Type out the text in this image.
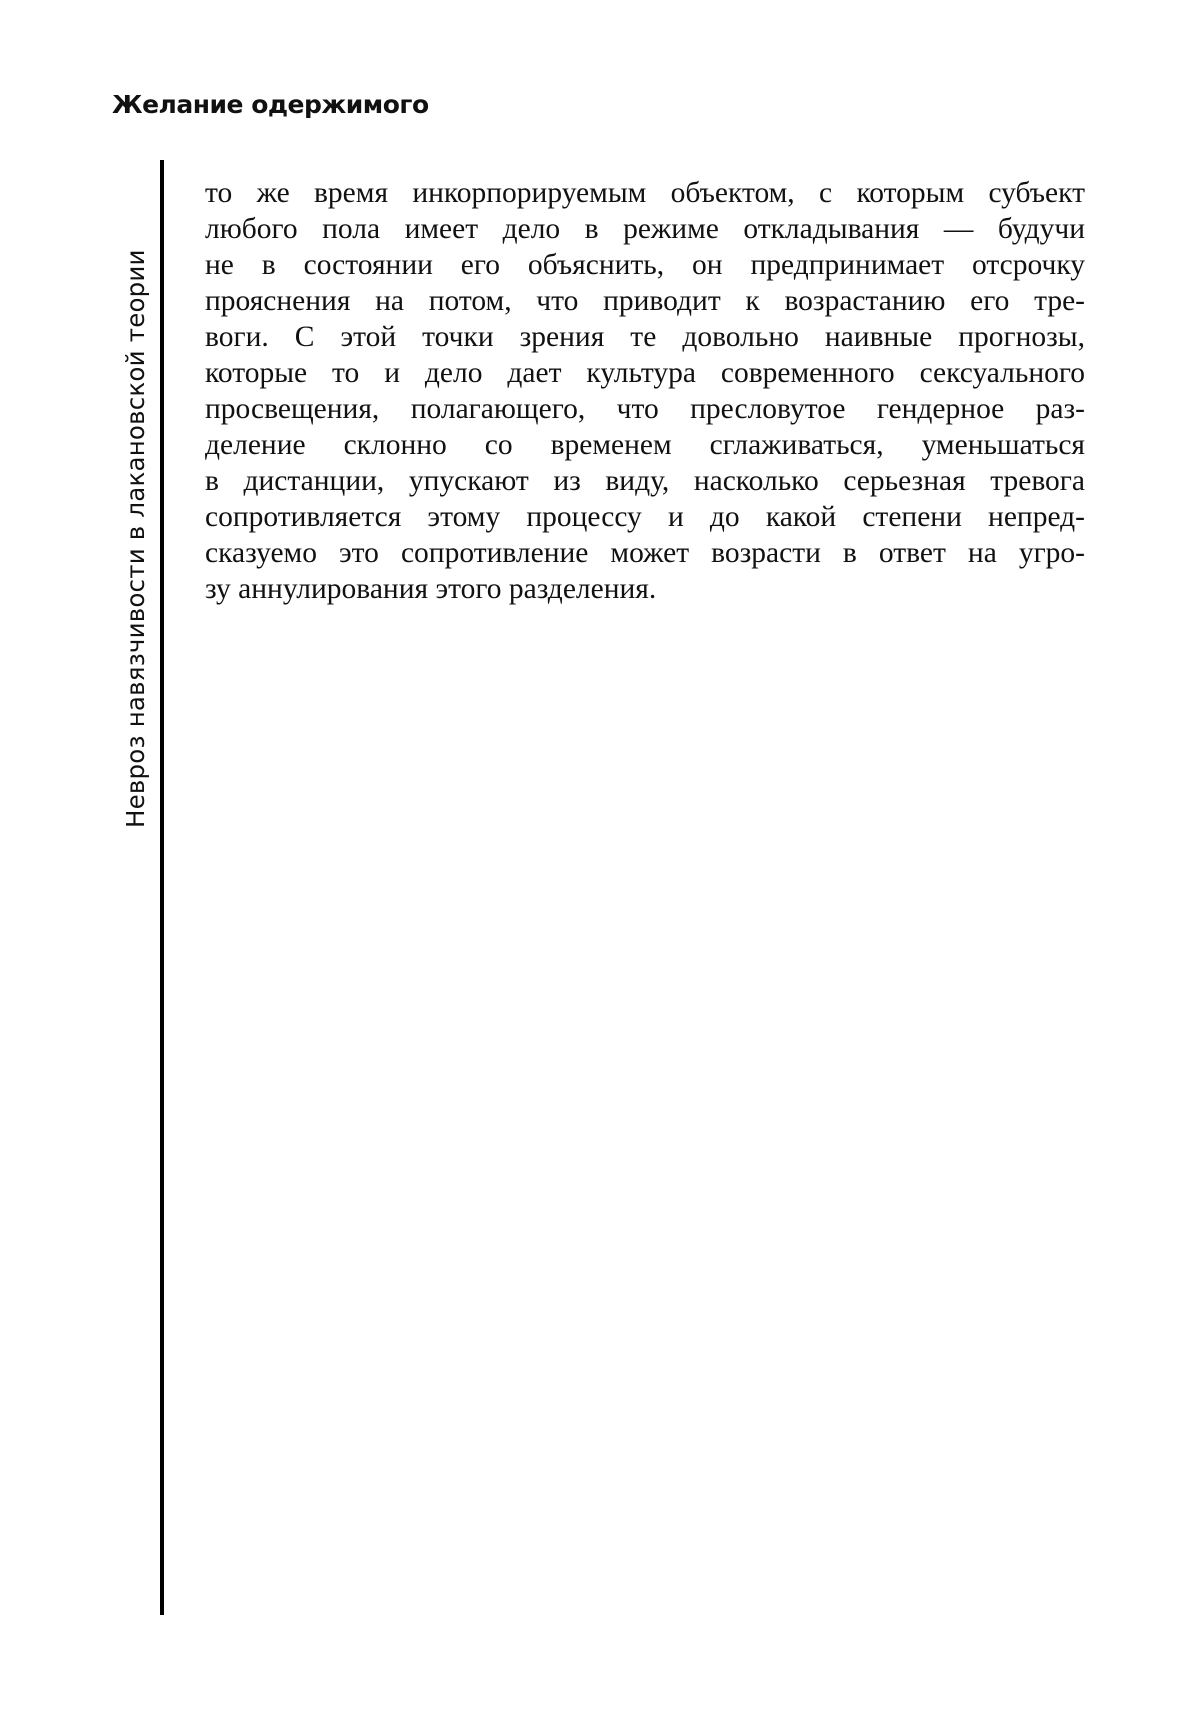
Желание одержимого
Невроз навязчивости в лакановской теории
то же время инкорпорируемым объектом, с которым субъект
любого пола имеет дело в режиме откладывания — будучи
не в состоянии его объяснить, он предпринимает отсрочку
прояснения на потом, что приводит к возрастанию его тре-
воги. С этой точки зрения те довольно наивные прогнозы,
которые то и дело дает культура современного сексуального
просвещения, полагающего, что пресловутое гендерное раз-
деление склонно со временем сглаживаться, уменьшаться
в дистанции, упускают из виду, насколько серьезная тревога
сопротивляется этому процессу и до какой степени непред-
сказуемо это сопротивление может возрасти в ответ на угро-
зу аннулирования этого разделения.
